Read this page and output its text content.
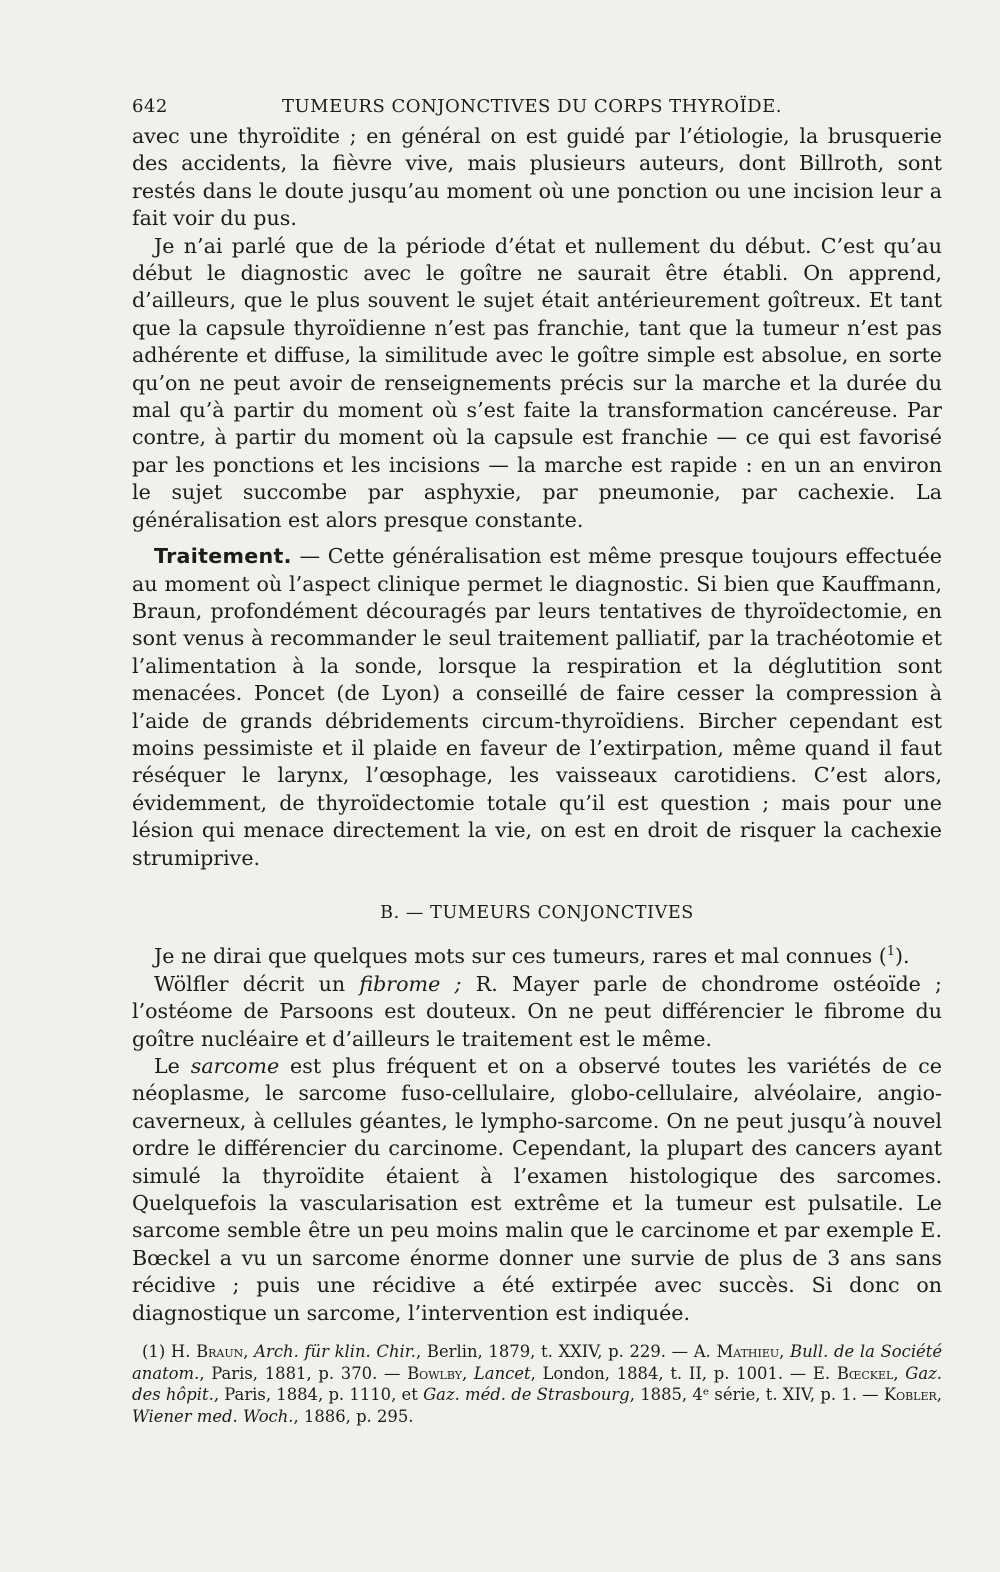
642	TUMEURS CONJONCTIVES DU CORPS THYROÏDE.

avec une thyroïdite ; en général on est guidé par l’étiologie, la brusquerie des accidents, la fièvre vive, mais plusieurs auteurs, dont Billroth, sont restés dans le doute jusqu’au moment où une ponction ou une incision leur a fait voir du pus.

Je n’ai parlé que de la période d’état et nullement du début. C’est qu’au début le diagnostic avec le goître ne saurait être établi. On apprend, d’ailleurs, que le plus souvent le sujet était antérieurement goîtreux. Et tant que la capsule thyroïdienne n’est pas franchie, tant que la tumeur n’est pas adhérente et diffuse, la similitude avec le goître simple est absolue, en sorte qu’on ne peut avoir de renseignements précis sur la marche et la durée du mal qu’à partir du moment où s’est faite la transformation cancéreuse. Par contre, à partir du moment où la capsule est franchie — ce qui est favorisé par les ponctions et les incisions — la marche est rapide : en un an environ le sujet succombe par asphyxie, par pneumonie, par cachexie. La généralisation est alors presque constante.

Traitement. — Cette généralisation est même presque toujours effectuée au moment où l’aspect clinique permet le diagnostic. Si bien que Kauffmann, Braun, profondément découragés par leurs tentatives de thyroïdectomie, en sont venus à recommander le seul traitement palliatif, par la trachéotomie et l’alimentation à la sonde, lorsque la respiration et la déglutition sont menacées. Poncet (de Lyon) a conseillé de faire cesser la compression à l’aide de grands débridements circum-thyroïdiens. Bircher cependant est moins pessimiste et il plaide en faveur de l’extirpation, même quand il faut réséquer le larynx, l’œsophage, les vaisseaux carotidiens. C’est alors, évidemment, de thyroïdectomie totale qu’il est question ; mais pour une lésion qui menace directement la vie, on est en droit de risquer la cachexie strumiprive.

B. — TUMEURS CONJONCTIVES

Je ne dirai que quelques mots sur ces tumeurs, rares et mal connues ($^1$).

Wölfler décrit un fibrome ; R. Mayer parle de chondrome ostéoïde ; l’ostéome de Parsoons est douteux. On ne peut différencier le fibrome du goître nucléaire et d’ailleurs le traitement est le même.

Le sarcome est plus fréquent et on a observé toutes les variétés de ce néoplasme, le sarcome fuso-cellulaire, globo-cellulaire, alvéolaire, angio-caverneux, à cellules géantes, le lympho-sarcome. On ne peut jusqu’à nouvel ordre le différencier du carcinome. Cependant, la plupart des cancers ayant simulé la thyroïdite étaient à l’examen histologique des sarcomes. Quelquefois la vascularisation est extrême et la tumeur est pulsatile. Le sarcome semble être un peu moins malin que le carcinome et par exemple E. Bœckel a vu un sarcome énorme donner une survie de plus de 3 ans sans récidive ; puis une récidive a été extirpée avec succès. Si donc on diagnostique un sarcome, l’intervention est indiquée.

(1) H. Braun, Arch. für klin. Chir., Berlin, 1879, t. XXIV, p. 229. — A. Mathieu, Bull. de la Société anatom., Paris, 1881, p. 370. — Bowlby, Lancet, London, 1884, t. II, p. 1001. — E. Bœckel, Gaz. des hôpit., Paris, 1884, p. 1110, et Gaz. méd. de Strasbourg, 1885, 4ᵉ série, t. XIV, p. 1. — Kobler, Wiener med. Woch., 1886, p. 295.
